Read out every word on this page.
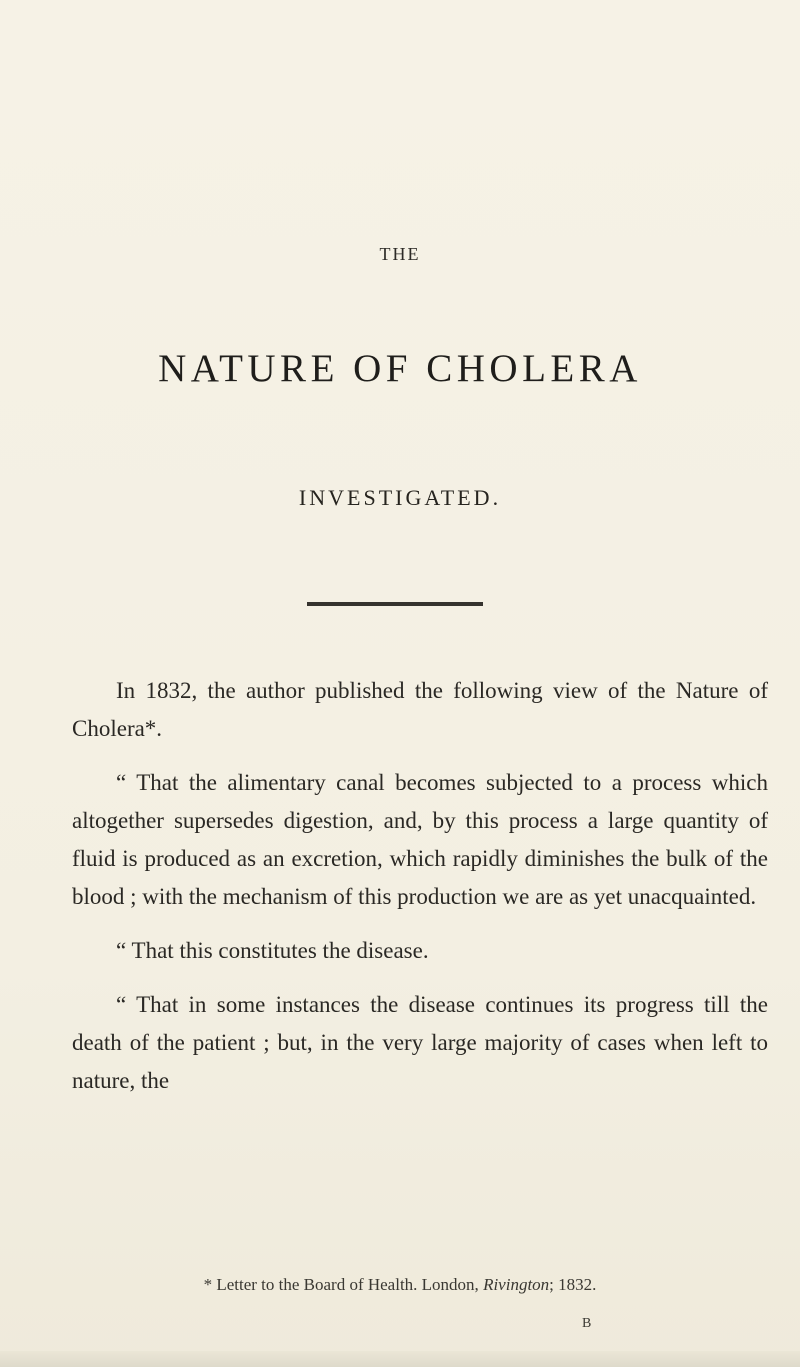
THE
NATURE OF CHOLERA
INVESTIGATED.

In 1832, the author published the following view of the Nature of Cholera*.

“ That the alimentary canal becomes subjected to a process which altogether supersedes digestion, and, by this process a large quantity of fluid is produced as an excretion, which rapidly diminishes the bulk of the blood ; with the mechanism of this production we are as yet unacquainted.

“ That this constitutes the disease.

“ That in some instances the disease continues its progress till the death of the patient ; but, in the very large majority of cases when left to nature, the

* Letter to the Board of Health. London, Rivington; 1832.
B
